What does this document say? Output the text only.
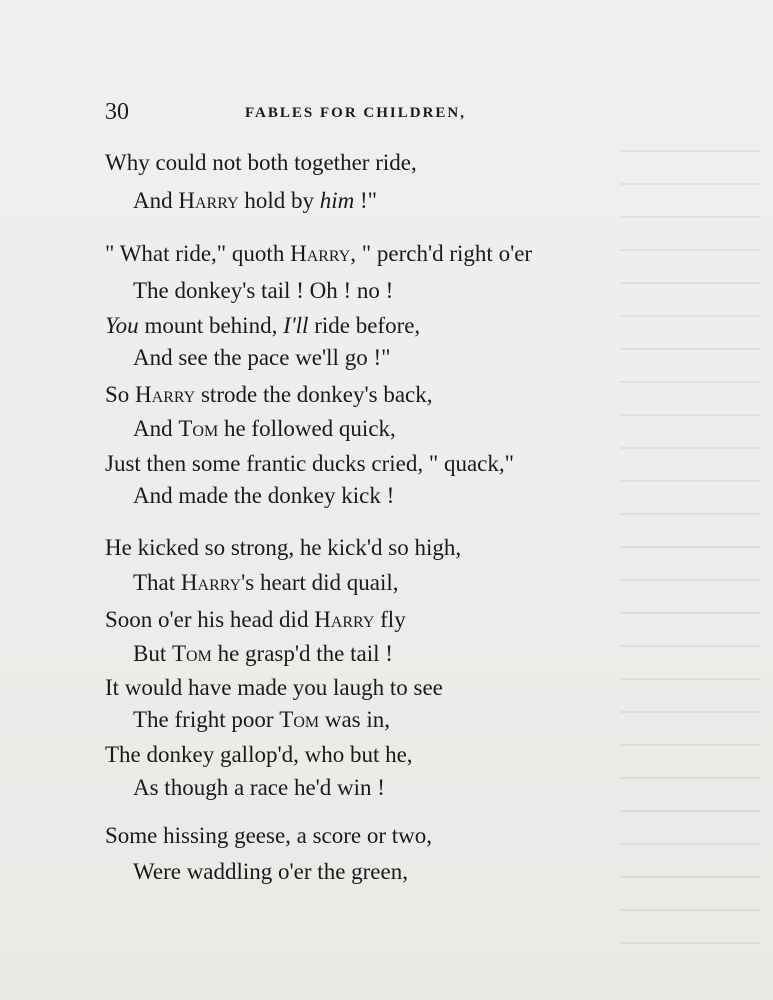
30	FABLES FOR CHILDREN,
Why could not both together ride,
And Harry hold by him !"
" What ride," quoth Harry, " perch'd right o'er
The donkey's tail ! Oh ! no !
You mount behind, I'll ride before,
And see the pace we'll go !"
So Harry strode the donkey's back,
And Tom he followed quick,
Just then some frantic ducks cried, " quack,"
And made the donkey kick !
He kicked so strong, he kick'd so high,
That Harry's heart did quail,
Soon o'er his head did Harry fly
But Tom he grasp'd the tail !
It would have made you laugh to see
The fright poor Tom was in,
The donkey gallop'd, who but he,
As though a race he'd win !
Some hissing geese, a score or two,
Were waddling o'er the green,
